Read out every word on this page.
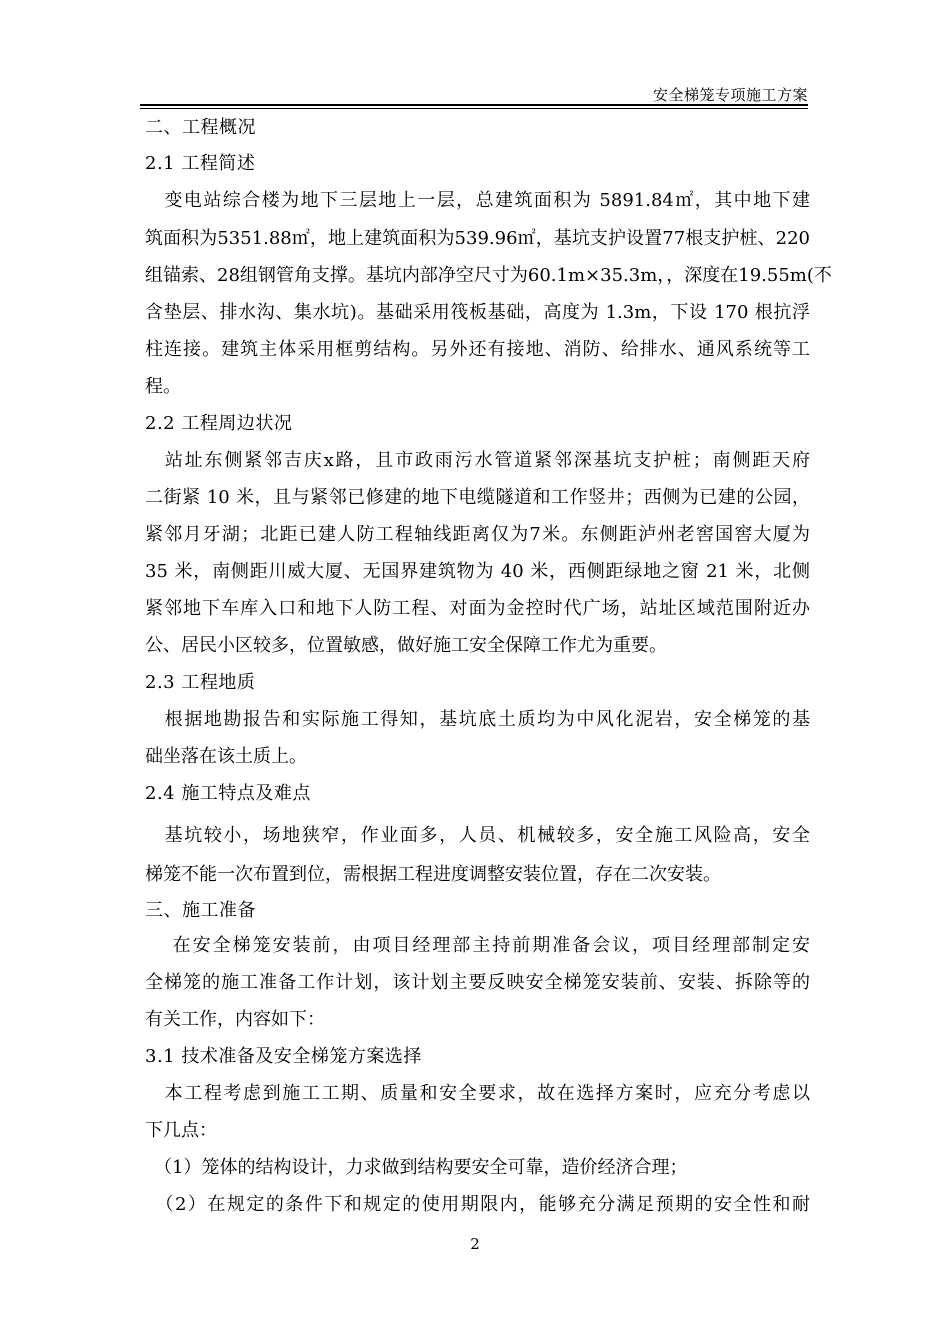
安全梯笼专项施工方案
二、工程概况
2.1 工程简述
　变电站综合楼为地下三层地上一层，总建筑面积为 5891.84㎡，其中地下建
筑面积为5351.88㎡，地上建筑面积为539.96㎡，基坑支护设置77根支护桩、220
组锚索、28组钢管角支撑。基坑内部净空尺寸为60.1m×35.3m，，深度在19.55m(不
含垫层、排水沟、集水坑)。基础采用筏板基础，高度为 1.3m，下设 170 根抗浮
柱连接。建筑主体采用框剪结构。另外还有接地、消防、给排水、通风系统等工
程。
2.2 工程周边状况
　站址东侧紧邻吉庆x路，且市政雨污水管道紧邻深基坑支护桩；南侧距天府
二街紧 10 米，且与紧邻已修建的地下电缆隧道和工作竖井；西侧为已建的公园，
紧邻月牙湖；北距已建人防工程轴线距离仅为7米。东侧距泸州老窖国窖大厦为
35 米，南侧距川威大厦、无国界建筑物为 40 米，西侧距绿地之窗 21 米，北侧
紧邻地下车库入口和地下人防工程、对面为金控时代广场，站址区域范围附近办
公、居民小区较多，位置敏感，做好施工安全保障工作尤为重要。
2.3 工程地质
　根据地勘报告和实际施工得知，基坑底土质均为中风化泥岩，安全梯笼的基
础坐落在该土质上。
2.4 施工特点及难点
　基坑较小，场地狭窄，作业面多，人员、机械较多，安全施工风险高，安全
梯笼不能一次布置到位，需根据工程进度调整安装位置，存在二次安装。
三、施工准备
　 在安全梯笼安装前，由项目经理部主持前期准备会议，项目经理部制定安
全梯笼的施工准备工作计划，该计划主要反映安全梯笼安装前、安装、拆除等的
有关工作，内容如下：
3.1 技术准备及安全梯笼方案选择
　本工程考虑到施工工期、质量和安全要求，故在选择方案时，应充分考虑以
下几点：
　（1）笼体的结构设计，力求做到结构要安全可靠，造价经济合理；
　（2）在规定的条件下和规定的使用期限内，能够充分满足预期的安全性和耐
2
